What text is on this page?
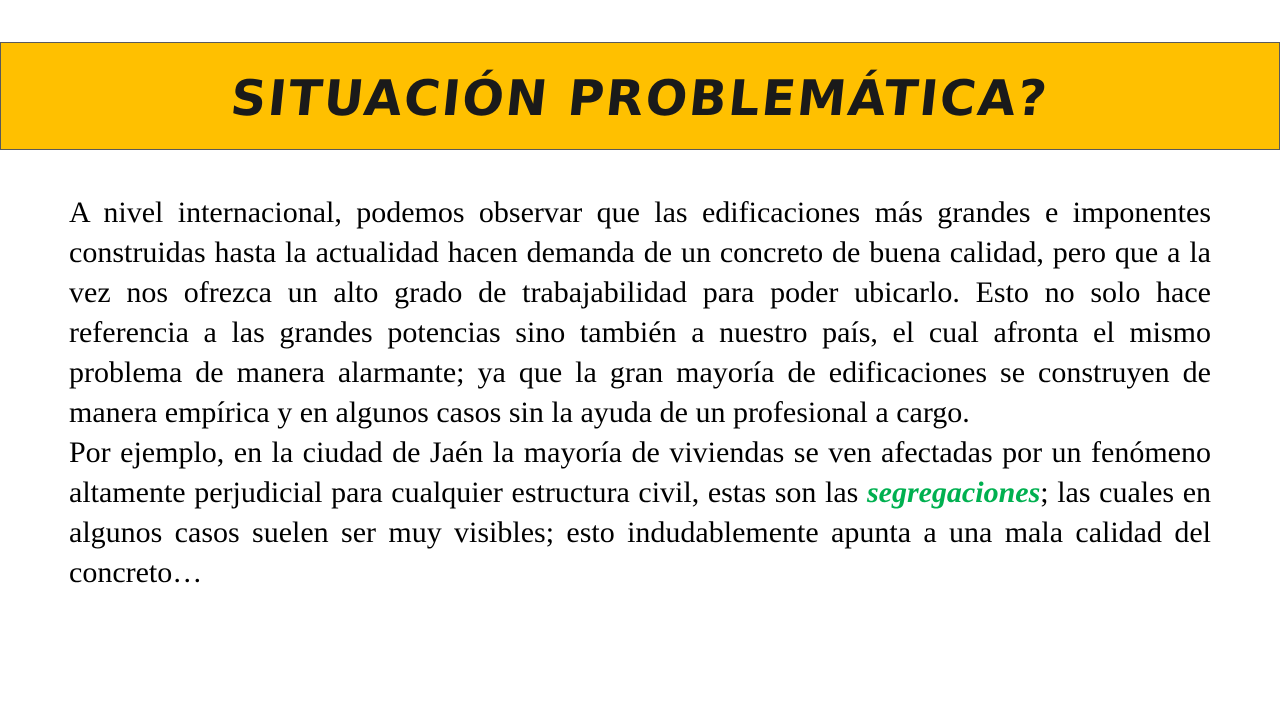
SITUACIÓN PROBLEMÁTICA?

A nivel internacional, podemos observar que las edificaciones más grandes e imponentes construidas hasta la actualidad hacen demanda de un concreto de buena calidad, pero que a la vez nos ofrezca un alto grado de trabajabilidad para poder ubicarlo. Esto no solo hace referencia a las grandes potencias sino también a nuestro país, el cual afronta el mismo problema de manera alarmante; ya que la gran mayoría de edificaciones se construyen de manera empírica y en algunos casos sin la ayuda de un profesional a cargo.

Por ejemplo, en la ciudad de Jaén la mayoría de viviendas se ven afectadas por un fenómeno altamente perjudicial para cualquier estructura civil, estas son las segregaciones; las cuales en algunos casos suelen ser muy visibles; esto indudablemente apunta a una mala calidad del concreto…
